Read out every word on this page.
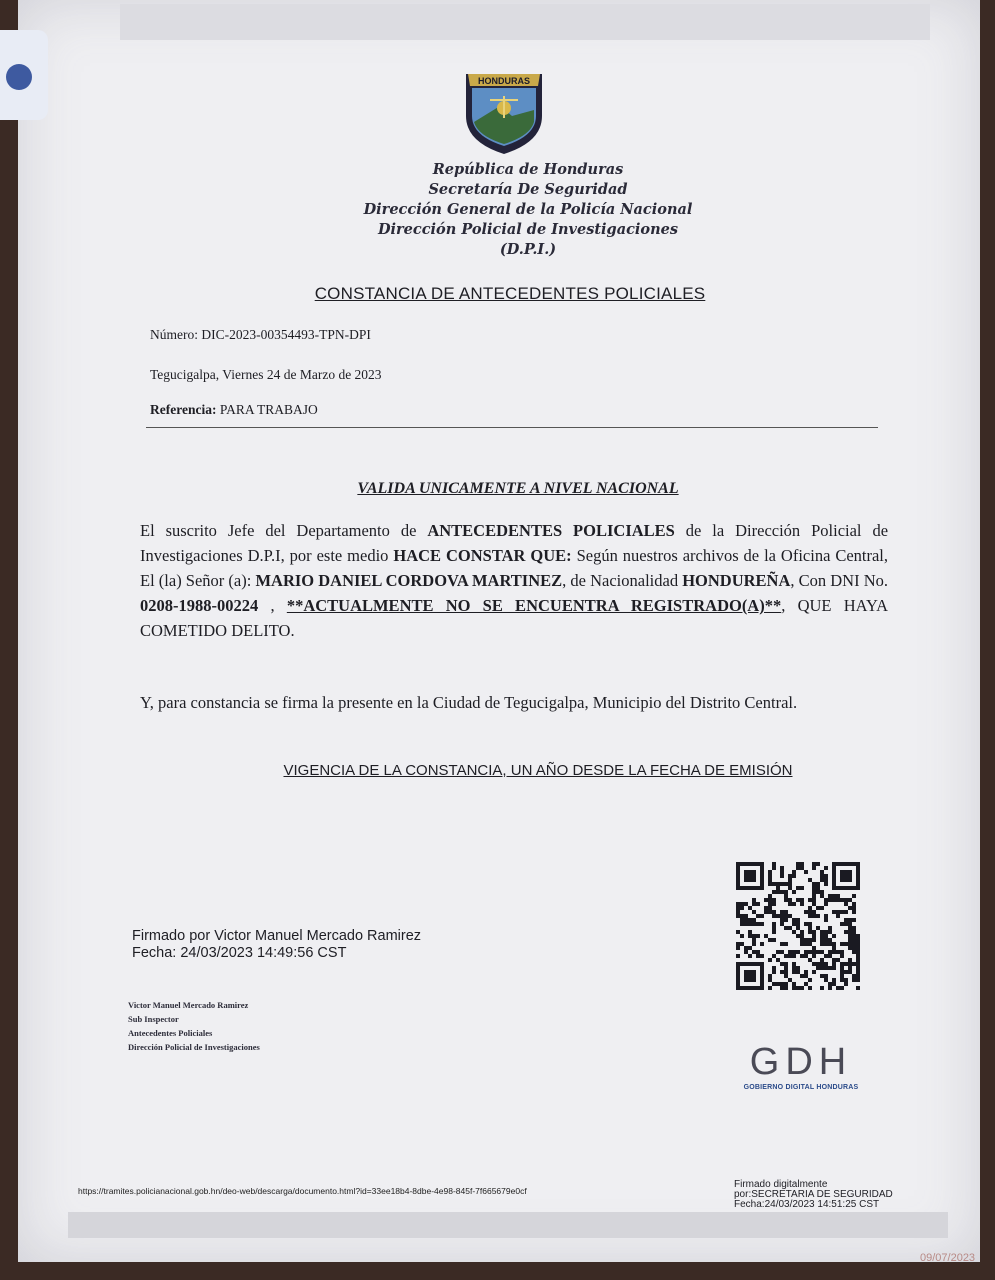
HONDURAS
República de Honduras
Secretaría De Seguridad
Dirección General de la Policía Nacional
Dirección Policial de Investigaciones
(D.P.I.)
CONSTANCIA DE ANTECEDENTES POLICIALES
Número: DIC-2023-00354493-TPN-DPI
Tegucigalpa, Viernes 24 de Marzo de 2023
Referencia: PARA TRABAJO
VALIDA UNICAMENTE A NIVEL NACIONAL
El suscrito Jefe del Departamento de ANTECEDENTES POLICIALES de la Dirección Policial de Investigaciones D.P.I, por este medio HACE CONSTAR QUE: Según nuestros archivos de la Oficina Central, El (la) Señor (a): MARIO DANIEL CORDOVA MARTINEZ, de Nacionalidad HONDUREÑA, Con DNI No. 0208-1988-00224 , **ACTUALMENTE NO SE ENCUENTRA REGISTRADO(A)**, QUE HAYA COMETIDO DELITO.
Y, para constancia se firma la presente en la Ciudad de Tegucigalpa, Municipio del Distrito Central.
VIGENCIA DE LA CONSTANCIA, UN AÑO DESDE LA FECHA DE EMISIÓN
Firmado por Victor Manuel Mercado Ramirez
Fecha: 24/03/2023 14:49:56 CST
Victor Manuel Mercado Ramirez
Sub Inspector
Antecedentes Policiales
Dirección Policial de Investigaciones	GDH
GOBIERNO DIGITAL HONDURAS
https://tramites.policianacional.gob.hn/deo-web/descarga/documento.html?id=33ee18b4-8dbe-4e98-845f-7f665679e0cf
Firmado digitalmente
por:SECRETARIA DE SEGURIDAD
Fecha:24/03/2023 14:51:25 CST
09/07/2023
